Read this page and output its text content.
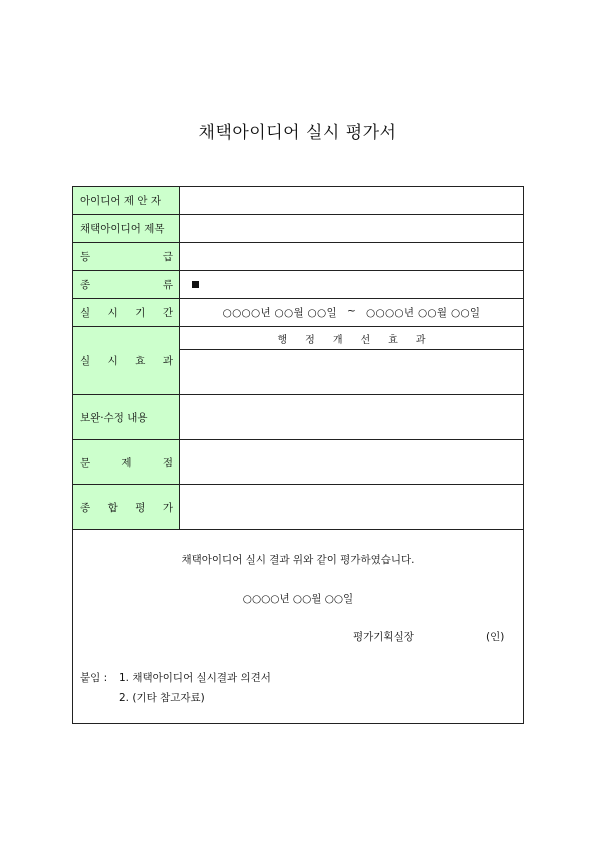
채택아이디어 실시 평가서
아이디어 제 안 자
채택아이디어 제목
등	급
종	류
실 시 기 간	○○○○년 ○○월 ○○일 ~ ○○○○년 ○○월 ○○일
실 시 효 과
행 정 개 선 효 과
보완·수정 내용
문	제	점
종 합 평 가
채택아이디어 실시 결과 위와 같이 평가하였습니다.
○○○○년 ○○월 ○○일
평가기획실장	(인)
붙임 : 1. 채택아이디어 실시결과 의견서
2. (기타 참고자료)
